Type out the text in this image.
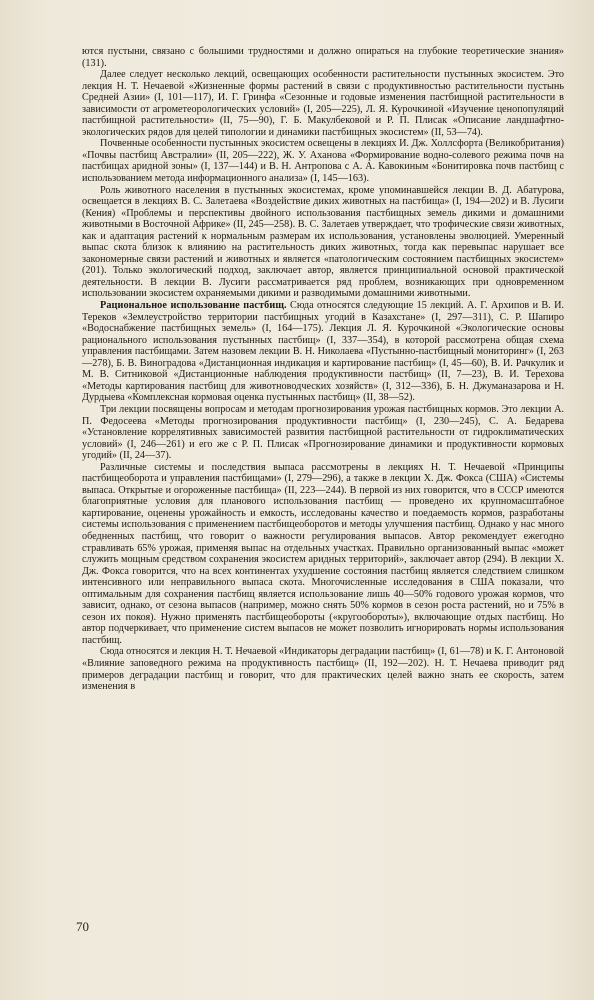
ются пустыни, связано с большими трудностями и должно опираться на глубокие теоретические знания» (131).

Далее следует несколько лекций, освещающих особенности растительности пустынных экосистем. Это лекция Н. Т. Нечаевой «Жизненные формы растений в связи с продуктивностью растительности пустынь Средней Азии» (I, 101—117), И. Г. Гринфа «Сезонные и годовые изменения пастбищной растительности в зависимости от агрометеорологических условий» (I, 205—225), Л. Я. Курочкиной «Изучение ценопопуляций пастбищной растительности» (II, 75—90), Г. Б. Макулбековой и Р. П. Плисак «Описание ландшафтно-экологических рядов для целей типологии и динамики пастбищных экосистем» (II, 53—74).

Почвенные особенности пустынных экосистем освещены в лекциях И. Дж. Холлсфорта (Великобритания) «Почвы пастбищ Австралии» (II, 205—222), Ж. У. Аханова «Формирование водно-солевого режима почв на пастбищах аридной зоны» (I, 137—144) и В. Н. Антропова с А. А. Кавокиным «Бонитировка почв пастбищ с использованием метода информационного анализа» (I, 145—163).

Роль животного населения в пустынных экосистемах, кроме упоминавшейся лекции В. Д. Абатурова, освещается в лекциях В. С. Залетаева «Воздействие диких животных на пастбища» (I, 194—202) и В. Лусиги (Кения) «Проблемы и перспективы двойного использования пастбищных земель дикими и домашними животными в Восточной Африке» (II, 245—258). В. С. Залетаев утверждает, что трофические связи животных, как и адаптация растений к нормальным размерам их использования, установлены эволюцией. Умеренный выпас скота близок к влиянию на растительность диких животных, тогда как перевыпас нарушает все закономерные связи растений и животных и является «патологическим состоянием пастбищных экосистем» (201). Только экологический подход, заключает автор, является принципиальной основой практической деятельности. В лекции В. Лусиги рассматривается ряд проблем, возникающих при одновременном использовании экосистем охраняемыми дикими и разводимыми домашними животными.

Рациональное использование пастбищ. Сюда относятся следующие 15 лекций. А. Г. Архипов и В. И. Тереков «Землеустройство территории пастбищных угодий в Казахстане» (I, 297—311), С. Р. Шапиро «Водоснабжение пастбищных земель» (I, 164—175). Лекция Л. Я. Курочкиной «Экологические основы рационального использования пустынных пастбищ» (I, 337—354), в которой рассмотрена общая схема управления пастбищами. Затем назовем лекции В. Н. Николаева «Пустынно-пастбищный мониторинг» (I, 263—278), Б. В. Виноградова «Дистанционная индикация и картирование пастбищ» (I, 45—60), В. И. Рачкулик и М. В. Ситниковой «Дистанционные наблюдения продуктивности пастбищ» (II, 7—23), В. И. Терехова «Методы картирования пастбищ для животноводческих хозяйств» (I, 312—336), Б. Н. Джуманазарова и Н. Дурдыева «Комплексная кормовая оценка пустынных пастбищ» (II, 38—52).

Три лекции посвящены вопросам и методам прогнозирования урожая пастбищных кормов. Это лекции А. П. Федосеева «Методы прогнозирования продуктивности пастбищ» (I, 230—245), С. А. Бедарева «Установление коррелятивных зависимостей развития пастбищной растительности от гидроклиматических условий» (I, 246—261) и его же с Р. П. Плисак «Прогнозирование динамики и продуктивности кормовых угодий» (II, 24—37).

Различные системы и последствия выпаса рассмотрены в лекциях Н. Т. Нечаевой «Принципы пастбищеоборота и управления пастбищами» (I, 279—296), а также в лекции Х. Дж. Фокса (США) «Системы выпаса. Открытые и огороженные пастбища» (II, 223—244). В первой из них говорится, что в СССР имеются благоприятные условия для планового использования пастбищ — проведено их крупномасштабное картирование, оценены урожайность и емкость, исследованы качество и поедаемость кормов, разработаны системы использования с применением пастбищеоборотов и методы улучшения пастбищ. Однако у нас много обедненных пастбищ, что говорит о важности регулирования выпасов. Автор рекомендует ежегодно стравливать 65% урожая, применяя выпас на отдельных участках. Правильно организованный выпас «может служить мощным средством сохранения экосистем аридных территорий», заключает автор (294). В лекции Х. Дж. Фокса говорится, что на всех континентах ухудшение состояния пастбищ является следствием слишком интенсивного или неправильного выпаса скота. Многочисленные исследования в США показали, что оптимальным для сохранения пастбищ является использование лишь 40—50% годового урожая кормов, что зависит, однако, от сезона выпасов (например, можно снять 50% кормов в сезон роста растений, но и 75% в сезон их покоя). Нужно применять пастбищеобороты («кругообороты»), включающие отдых пастбищ. Но автор подчеркивает, что применение систем выпасов не может позволить игнорировать нормы использования пастбищ.

Сюда относятся и лекция Н. Т. Нечаевой «Индикаторы деградации пастбищ» (I, 61—78) и К. Г. Антоновой «Влияние заповедного режима на продуктивность пастбищ» (II, 192—202). Н. Т. Нечаева приводит ряд примеров деградации пастбищ и говорит, что для практических целей важно знать ее скорость, затем изменения в

70
